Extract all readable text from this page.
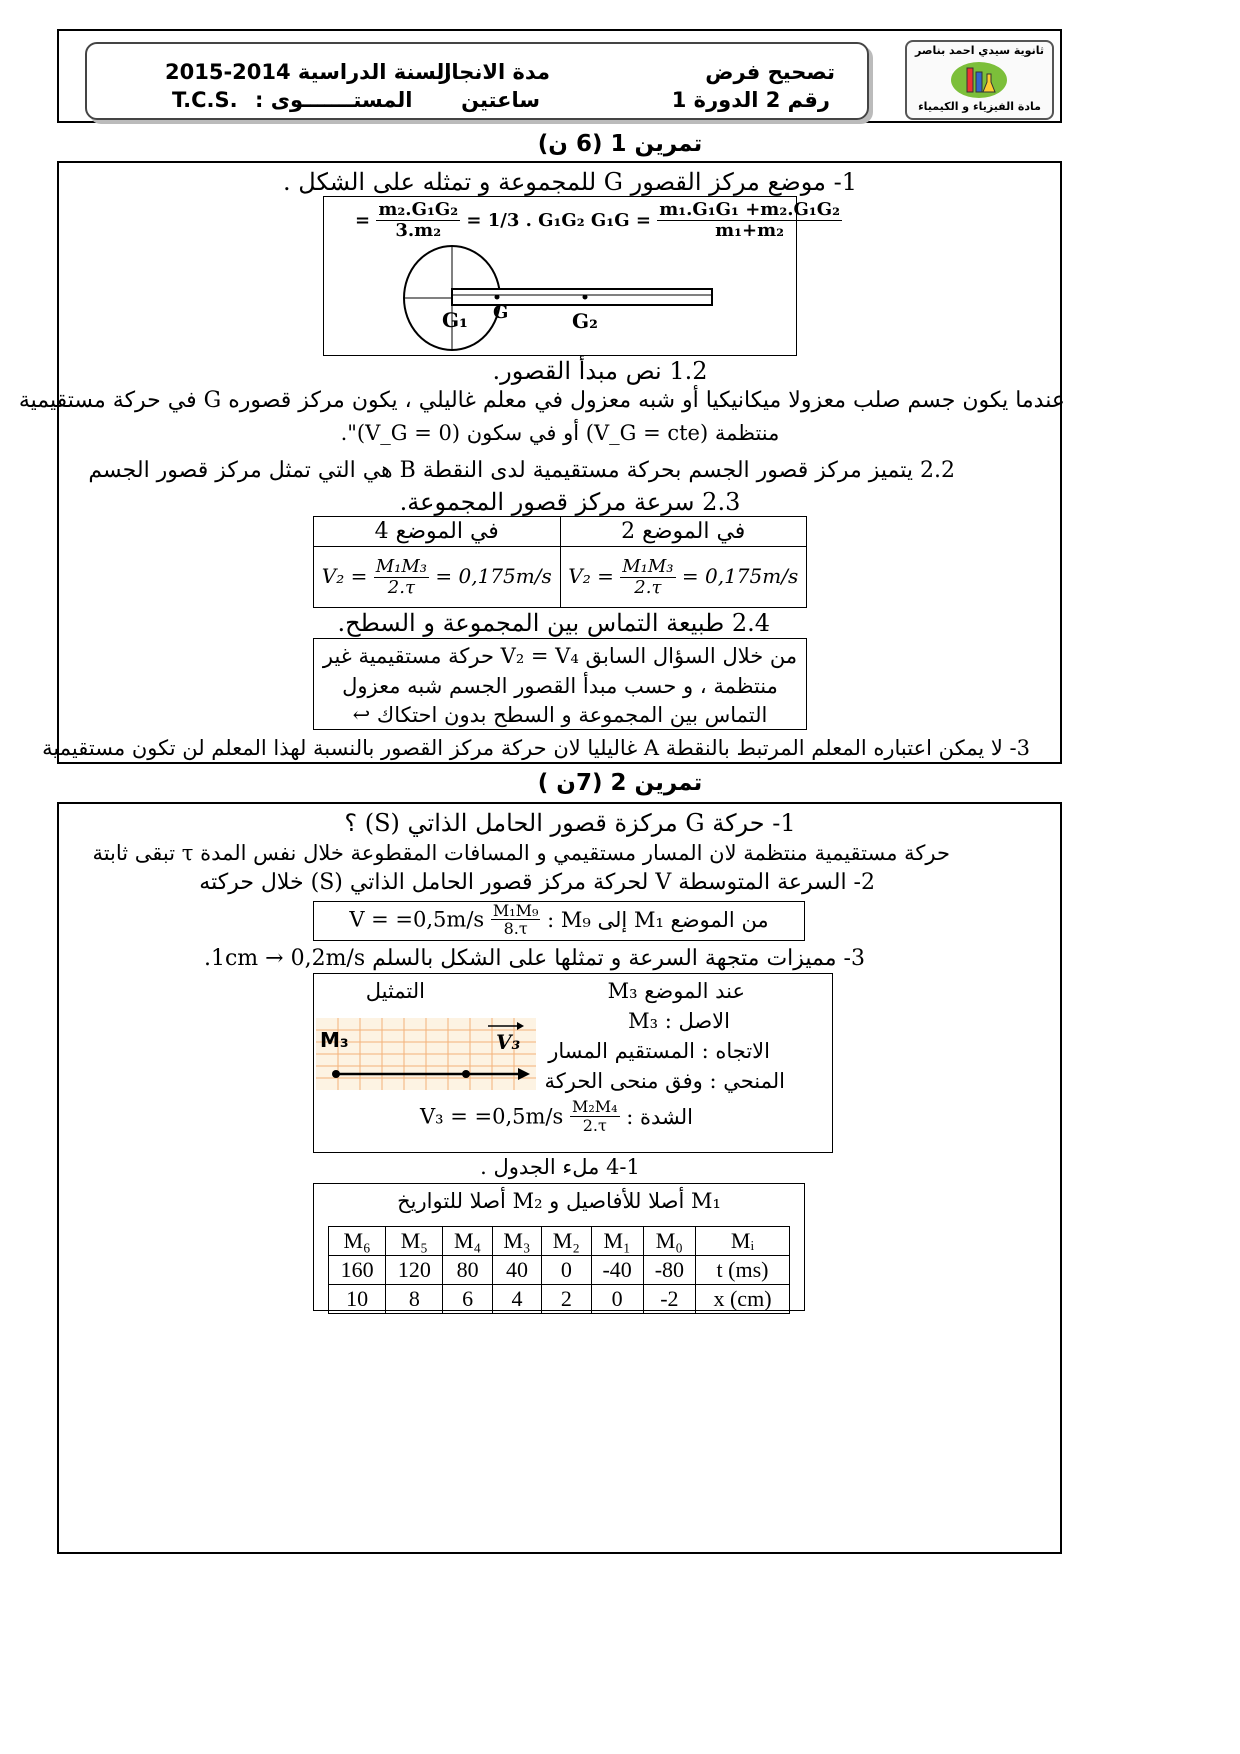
ثانوية سيدي احمد بناصر
مادة الفيزياء و الكيمياء
تصحيح فرض
رقم 2 الدورة 1
مدة الانجاز
ساعتين
السنة الدراسية 2014-2015
T.C.S. المستـــــــوى :
تمرين 1 (6 ن)
1- موضع مركز القصور G للمجموعة و تمثله على الشكل .
= $\frac{\text{m₂.G₁G₂}}{\text{3.m₂}} = 1/3$ . G₁G₂ $G_1G = \frac{\text{m₁.G₁G₁ +m₂.G₁G₂}}{\text{m₁+m₂}}$
G₁ G	G₂
1.2 نص مبدأ القصور.
عندما يكون جسم صلب معزولا ميكانيكيا أو شبه معزول في معلم غاليلي ، يكون مركز قصوره G في حركة مستقيمية
منتظمة (V_G = cte) أو في سكون (V_G = 0)".
2.2 يتميز مركز قصور الجسم بحركة مستقيمية لدى النقطة B هي التي تمثل مركز قصور الجسم
2.3 سرعة مركز قصور المجموعة.
في الموضع 4	في الموضع 2
$V_2 = \frac{\text{M₁M₃}}{2.\tau} = 0,175m/s$	$V_2 = \frac{\text{M₁M₃}}{2.\tau} = 0,175m/s$
2.4 طبيعة التماس بين المجموعة و السطح.
من خلال السؤال السابق V₂ = V₄ حركة مستقيمية غير
منتظمة ، و حسب مبدأ القصور الجسم شبه معزول
التماس بين المجموعة و السطح بدون احتكاك ↩
3- لا يمكن اعتباره المعلم المرتبط بالنقطة A غاليليا لان حركة مركز القصور بالنسبة لهذا المعلم لن تكون مستقيمية
تمرين 2 (7ن )
1- حركة G مركزة قصور الحامل الذاتي (S) ؟
حركة مستقيمية منتظمة لان المسار مستقيمي و المسافات المقطوعة خلال نفس المدة τ تبقى ثابتة
2- السرعة المتوسطة V لحركة مركز قصور الحامل الذاتي (S) خلال حركته
$V = =0,5m/s \frac{\text{M₁M₉}}{8.\tau}$ من الموضع M₁ إلى M₉ :
3- مميزات متجهة السرعة و تمثلها على الشكل بالسلم 1cm → 0,2m/s.
عند الموضع M₃
الاصل : M₃
الاتجاه : المستقيم المسار
المنحي : وفق منحى الحركة
التمثيل
M₃	V₃
$V_3 = =0,5m/s \frac{\text{M₂M₄}}{2.\tau}$ الشدة :
4-1 ملء الجدول .
M₁ أصلا للأفاصيل و M₂ أصلا للتواريخ
M₆	M₅	M₄	M₃	M₂	M₁	M₀	Mᵢ
160	120	80	40	0	-40	-80	t (ms)
10	8	6	4	2	0	-2	x (cm)
